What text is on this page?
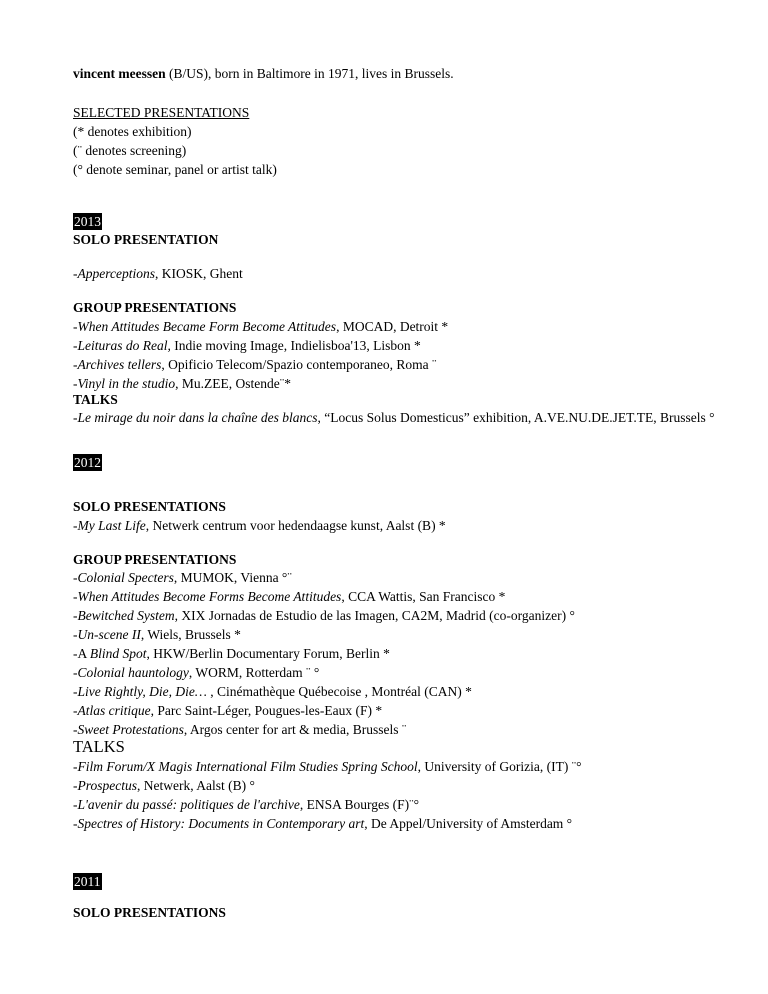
vincent meessen (B/US), born in Baltimore in 1971, lives in Brussels.
SELECTED PRESENTATIONS
(* denotes exhibition)
(¨ denotes screening)
(° denote seminar, panel or artist talk)
2013
SOLO PRESENTATION
-Apperceptions, KIOSK, Ghent
GROUP PRESENTATIONS
-When Attitudes Became Form Become Attitudes, MOCAD, Detroit *
-Leituras do Real, Indie moving Image, Indielisboa'13, Lisbon *
-Archives tellers, Opificio Telecom/Spazio contemporaneo, Roma ¨
-Vinyl in the studio, Mu.ZEE, Ostende¨*
TALKS
-Le mirage du noir dans la chaîne des blancs, “Locus Solus Domesticus” exhibition, A.VE.NU.DE.JET.TE, Brussels °
2012
SOLO PRESENTATIONS
-My Last Life, Netwerk centrum voor hedendaagse kunst, Aalst (B) *
GROUP PRESENTATIONS
-Colonial Specters, MUMOK, Vienna °¨
-When Attitudes Become Forms Become Attitudes, CCA Wattis, San Francisco *
-Bewitched System, XIX Jornadas de Estudio de las Imagen, CA2M, Madrid (co-organizer) °
-Un-scene II, Wiels, Brussels *
-A Blind Spot, HKW/Berlin Documentary Forum, Berlin *
-Colonial hauntology, WORM, Rotterdam ¨ °
-Live Rightly, Die, Die… , Cinémathèque Québecoise , Montréal (CAN) *
-Atlas critique, Parc Saint-Léger, Pougues-les-Eaux (F) *
-Sweet Protestations, Argos center for art & media, Brussels ¨
TALKS
-Film Forum/X Magis International Film Studies Spring School, University of Gorizia, (IT) ¨°
-Prospectus, Netwerk, Aalst (B) °
-L'avenir du passé: politiques de l'archive, ENSA Bourges (F)¨°
-Spectres of History: Documents in Contemporary art, De Appel/University of Amsterdam °
2011
SOLO PRESENTATIONS
